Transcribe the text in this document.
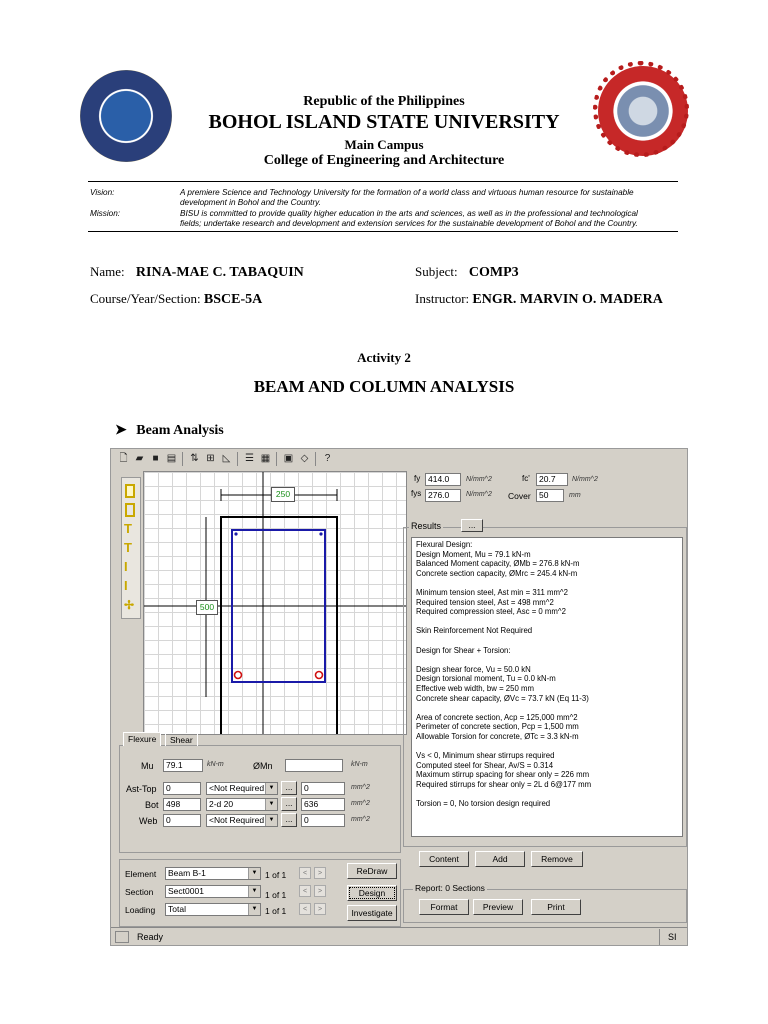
Republic of the Philippines
BOHOL ISLAND STATE UNIVERSITY
Main Campus
College of Engineering and Architecture
Vision:	A premiere Science and Technology University for the formation of a world class and virtuous human resource for sustainable
development in Bohol and the Country.
Mission:	BISU is committed to provide quality higher education in the arts and sciences, as well as in the professional and technological
fields; undertake research and development and extension services for the sustainable development of Bohol and the Country.
Name: RINA-MAE C. TABAQUIN	Subject: COMP3
Course/Year/Section: BSCE-5A	Instructor: ENGR. MARVIN O. MADERA
Activity 2
BEAM AND COLUMN ANALYSIS
➤ Beam Analysis
🗋 ▰ ■ ▤ ⇅ ⊞ ◺ ☰ ▦ ▣ ◇	?
T
T
I
I
✢
250
500
fy 414.0	N/mm^2
fys 276.0	N/mm^2
fc'	20.7	N/mm^2
Cover 50	mm
Results	...
Flexural Design:
Design Moment, Mu = 79.1 kN-m
Balanced Moment capacity, ØMb = 276.8 kN-m
Concrete section capacity, ØMrc = 245.4 kN-m
Minimum tension steel, Ast min = 311 mm^2
Required tension steel, Ast = 498 mm^2
Required compression steel, Asc = 0 mm^2
Skin Reinforcement Not Required
Design for Shear + Torsion:
Design shear force, Vu = 50.0 kN
Design torsional moment, Tu = 0.0 kN-m
Effective web width, bw = 250 mm
Concrete shear capacity, ØVc = 73.7 kN (Eq 11-3)
Area of concrete section, Acp = 125,000 mm^2
Perimeter of concrete section, Pcp = 1,500 mm
Allowable Torsion for concrete, ØTc = 3.3 kN-m
Vs < 0, Minimum shear stirrups required
Computed steel for Shear, Av/S = 0.314
Maximum stirrup spacing for shear only = 226 mm
Required stirrups for shear only = 2L d 6@177 mm
Torsion = 0, No torsion design required
Content	Add	Remove
Report: 0 Sections
Format	Preview	Print
Flexure	Shear
Mu	79.1	kN-m	ØMn	kN-m
Ast-Top	0	<Not Required ▼	...	0	mm^2
Bot 498	2-d 20	▼	...	636	mm^2
Web	0	<Not Required ▼	...	0	mm^2
Element	Beam B-1	▼ 1 of 1	<	>
Section	Sect0001	▼ 1 of 1	<	>
Loading	Total	▼ 1 of 1	<	>
ReDraw
Design
Investigate
Ready	SI
